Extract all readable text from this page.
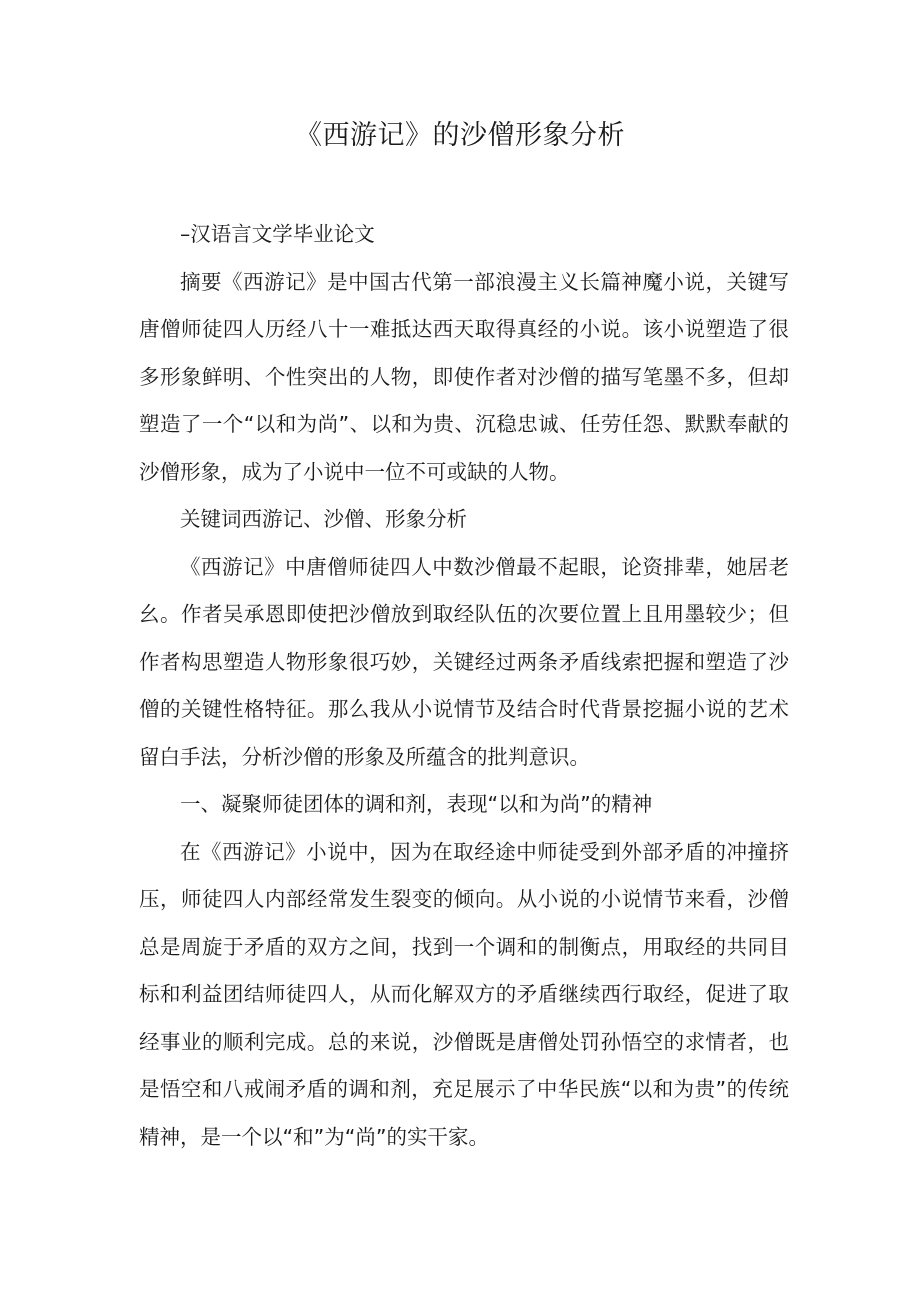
《西游记》的沙僧形象分析

–汉语言文学毕业论文

摘要《西游记》是中国古代第一部浪漫主义长篇神魔小说，关键写唐僧师徒四人历经八十一难抵达西天取得真经的小说。该小说塑造了很多形象鲜明、个性突出的人物，即使作者对沙僧的描写笔墨不多，但却塑造了一个“以和为尚”、以和为贵、沉稳忠诚、任劳任怨、默默奉献的沙僧形象，成为了小说中一位不可或缺的人物。

关键词西游记、沙僧、形象分析

《西游记》中唐僧师徒四人中数沙僧最不起眼，论资排辈，她居老幺。作者吴承恩即使把沙僧放到取经队伍的次要位置上且用墨较少；但作者构思塑造人物形象很巧妙，关键经过两条矛盾线索把握和塑造了沙僧的关键性格特征。那么我从小说情节及结合时代背景挖掘小说的艺术留白手法，分析沙僧的形象及所蕴含的批判意识。

一、凝聚师徒团体的调和剂，表现“以和为尚”的精神

在《西游记》小说中，因为在取经途中师徒受到外部矛盾的冲撞挤压，师徒四人内部经常发生裂变的倾向。从小说的小说情节来看，沙僧总是周旋于矛盾的双方之间，找到一个调和的制衡点，用取经的共同目标和利益团结师徒四人，从而化解双方的矛盾继续西行取经，促进了取经事业的顺利完成。总的来说，沙僧既是唐僧处罚孙悟空的求情者，也是悟空和八戒闹矛盾的调和剂，充足展示了中华民族“以和为贵”的传统精神，是一个以“和”为“尚”的实干家。
